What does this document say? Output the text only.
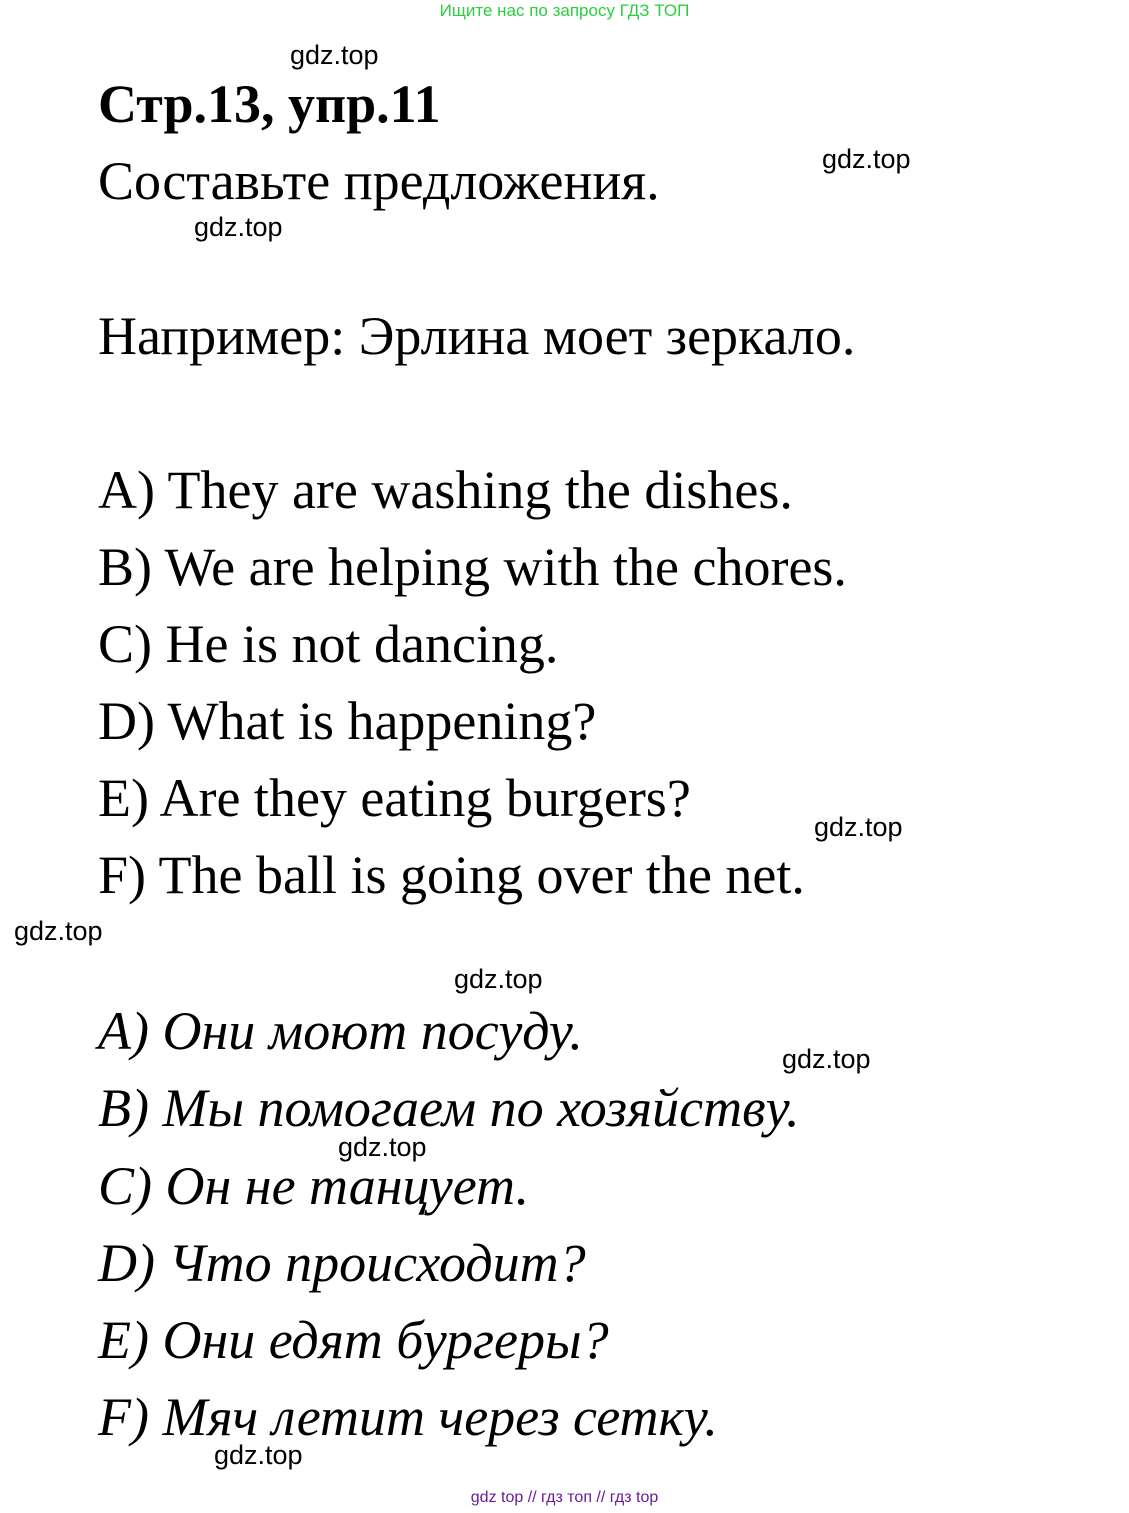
Ищите нас по запросу ГДЗ ТОП
gdz.top
Стр.13, упр.11
gdz.top
Составьте предложения.
gdz.top
Например: Эрлина моет зеркало.
A) They are washing the dishes.
B) We are helping with the chores.
C) He is not dancing.
D) What is happening?
E) Are they eating burgers?	gdz.top
F) The ball is going over the net.
gdz.top
gdz.top
A) Они моют посуду.	gdz.top
B) Мы помогаем по хозяйству.
gdz.top
C) Он не танцует.
D) Что происходит?
E) Они едят бургеры?
F) Мяч летит через сетку.
gdz.top
gdz top // гдз топ // гдз top
